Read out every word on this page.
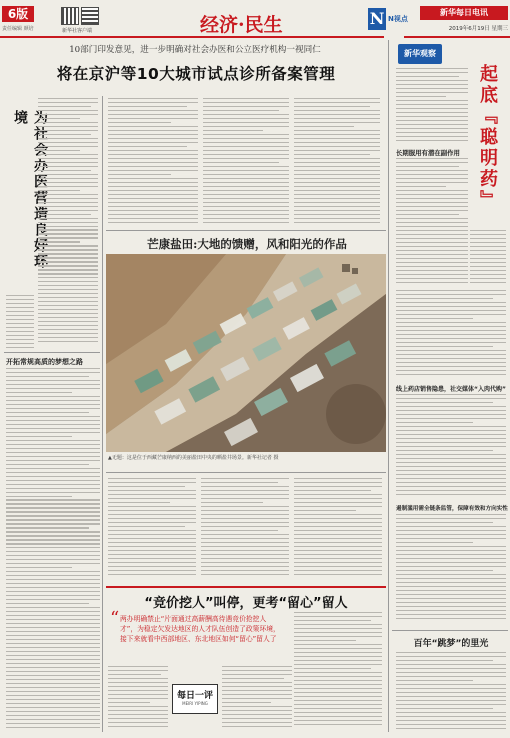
6版
责任编辑 颜培	新华社客户端	经济·民生	N N视点
新华每日电讯
2019年6月19日 星期三
10部门印发意见，进一步明确对社会办医和公立医疗机构一视同仁
将在京沪等10大城市试点诊所备案管理
境
开拓常规高质的梦想之路
芒康盐田:大地的馈赠，风和阳光的作品
▲无题：这是位于西藏芒康纳西的美丽盐田中央的晒盐井场景。新华社记者 摄
“竞价挖人”叫停，更考“留心”留人
“ 两办明确禁止“片面通过高薪酬高待遇竞价抢挖人才”，为稳定欠发达地区的人才队伍创造了政策环境，接下来就看中西部地区、东北地区如何“留心”留人了
每日一评
MEIRI YIPING
新华观察
起底『聪明药』
长期服用有潜在副作用
线上药店销售隐患，社交媒体“入肉代购”
遏制滥用需全链条监管，保障有效和方向实性
百年“跳梦”的里光
